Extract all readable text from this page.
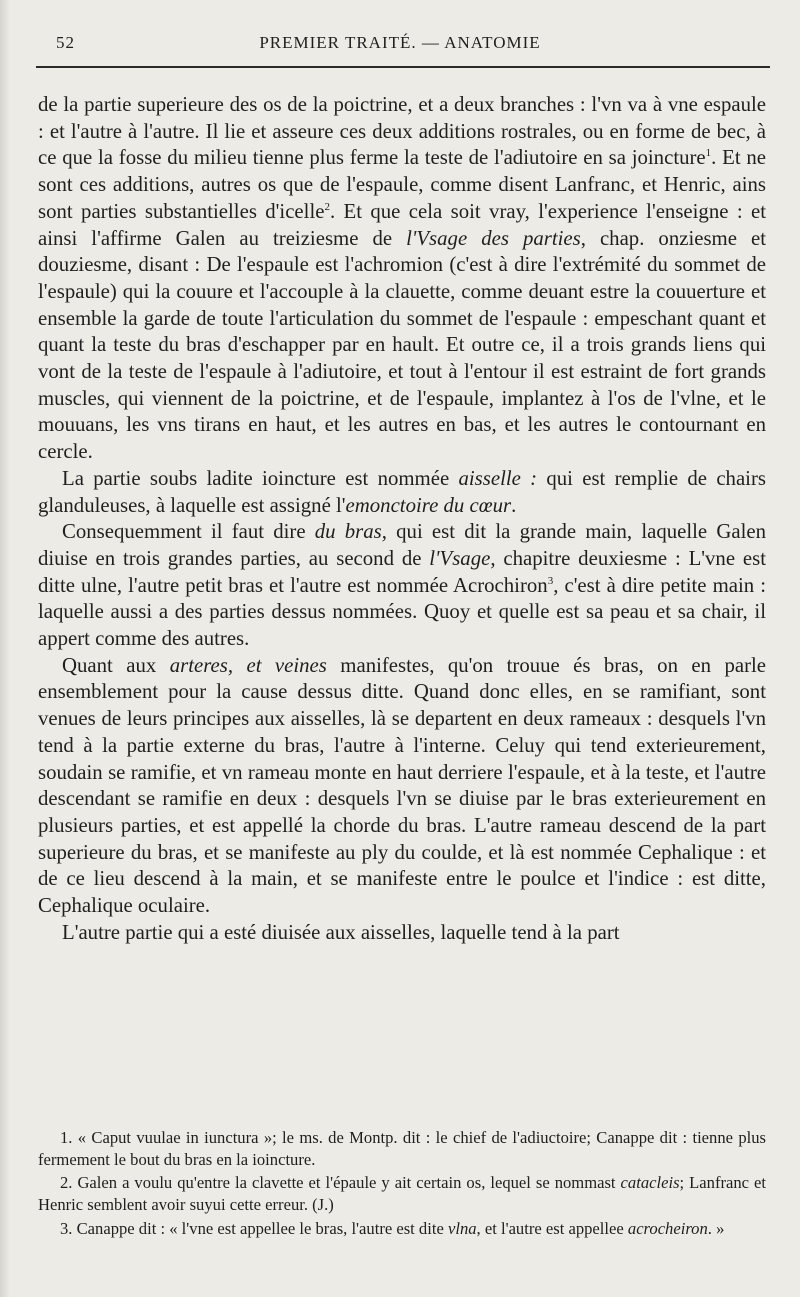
52	PREMIER TRAITÉ. — ANATOMIE

de la partie superieure des os de la poictrine, et a deux branches : l'vn va à vne espaule : et l'autre à l'autre. Il lie et asseure ces deux additions rostrales, ou en forme de bec, à ce que la fosse du milieu tienne plus ferme la teste de l'adiutoire en sa joincture$^1$. Et ne sont ces additions, autres os que de l'espaule, comme disent Lanfranc, et Henric, ains sont parties substantielles d'icelle$^2$. Et que cela soit vray, l'experience l'enseigne : et ainsi l'affirme Galen au treiziesme de l'Vsage des parties, chap. onziesme et douziesme, disant : De l'espaule est l'achromion (c'est à dire l'extrémité du sommet de l'espaule) qui la couure et l'accouple à la clauette, comme deuant estre la couuerture et ensemble la garde de toute l'articulation du sommet de l'espaule : empeschant quant et quant la teste du bras d'eschapper par en hault. Et outre ce, il a trois grands liens qui vont de la teste de l'espaule à l'adiutoire, et tout à l'entour il est estraint de fort grands muscles, qui viennent de la poictrine, et de l'espaule, implantez à l'os de l'vlne, et le mouuans, les vns tirans en haut, et les autres en bas, et les autres le contournant en cercle.

La partie soubs ladite ioincture est nommée aisselle : qui est remplie de chairs glanduleuses, à laquelle est assigné l'emonctoire du cœur.

Consequemment il faut dire du bras, qui est dit la grande main, laquelle Galen diuise en trois grandes parties, au second de l'Vsage, chapitre deuxiesme : L'vne est ditte ulne, l'autre petit bras et l'autre est nommée Acrochiron$^3$, c'est à dire petite main : laquelle aussi a des parties dessus nommées. Quoy et quelle est sa peau et sa chair, il appert comme des autres.

Quant aux arteres, et veines manifestes, qu'on trouue és bras, on en parle ensemblement pour la cause dessus ditte. Quand donc elles, en se ramifiant, sont venues de leurs principes aux aisselles, là se departent en deux rameaux : desquels l'vn tend à la partie externe du bras, l'autre à l'interne. Celuy qui tend exterieurement, soudain se ramifie, et vn rameau monte en haut derriere l'espaule, et à la teste, et l'autre descendant se ramifie en deux : desquels l'vn se diuise par le bras exterieurement en plusieurs parties, et est appellé la chorde du bras. L'autre rameau descend de la part superieure du bras, et se manifeste au ply du coulde, et là est nommée Cephalique : et de ce lieu descend à la main, et se manifeste entre le poulce et l'indice : est ditte, Cephalique oculaire.

L'autre partie qui a esté diuisée aux aisselles, laquelle tend à la part

1. « Caput vuulae in iunctura »; le ms. de Montp. dit : le chief de l'adiuctoire; Canappe dit : tienne plus fermement le bout du bras en la ioincture.

2. Galen a voulu qu'entre la clavette et l'épaule y ait certain os, lequel se nommast catacleis; Lanfranc et Henric semblent avoir suyui cette erreur. (J.)

3. Canappe dit : « l'vne est appellee le bras, l'autre est dite vlna, et l'autre est appellee acrocheiron. »
